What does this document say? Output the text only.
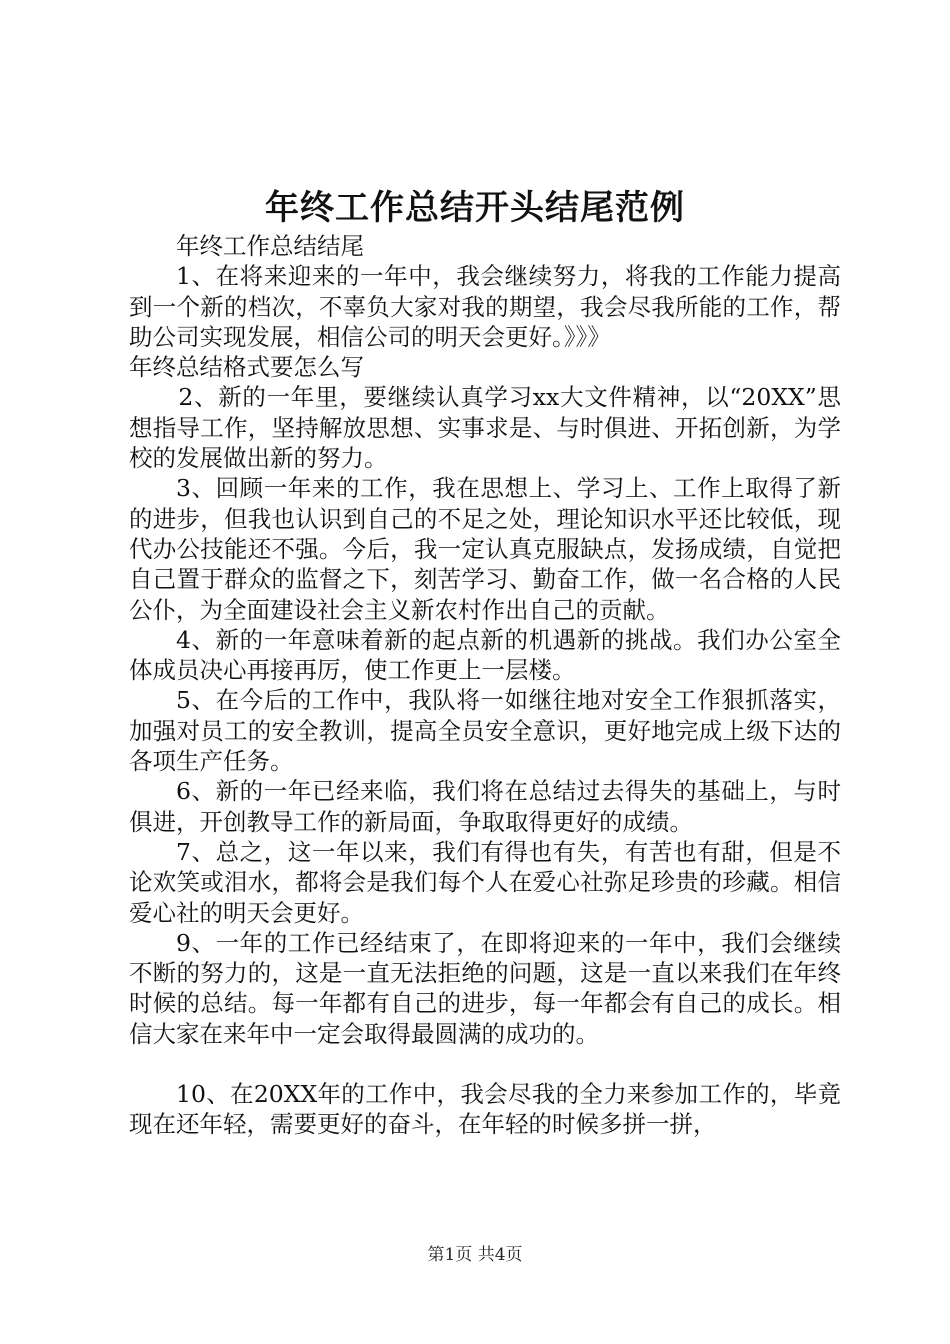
年终工作总结开头结尾范例

年终工作总结结尾

1、在将来迎来的一年中，我会继续努力，将我的工作能力提高到一个新的档次，不辜负大家对我的期望，我会尽我所能的工作，帮助公司实现发展，相信公司的明天会更好。》》》

年终总结格式要怎么写

2、新的一年里，要继续认真学习xx大文件精神，以“20XX”思想指导工作，坚持解放思想、实事求是、与时俱进、开拓创新，为学校的发展做出新的努力。

3、回顾一年来的工作，我在思想上、学习上、工作上取得了新的进步，但我也认识到自己的不足之处，理论知识水平还比较低，现代办公技能还不强。今后，我一定认真克服缺点，发扬成绩，自觉把自己置于群众的监督之下，刻苦学习、勤奋工作，做一名合格的人民公仆，为全面建设社会主义新农村作出自己的贡献。

4、新的一年意味着新的起点新的机遇新的挑战。我们办公室全体成员决心再接再厉，使工作更上一层楼。

5、在今后的工作中，我队将一如继往地对安全工作狠抓落实，加强对员工的安全教训，提高全员安全意识，更好地完成上级下达的各项生产任务。

6、新的一年已经来临，我们将在总结过去得失的基础上，与时俱进，开创教导工作的新局面，争取取得更好的成绩。

7、总之，这一年以来，我们有得也有失，有苦也有甜，但是不论欢笑或泪水，都将会是我们每个人在爱心社弥足珍贵的珍藏。相信爱心社的明天会更好。

9、一年的工作已经结束了，在即将迎来的一年中，我们会继续不断的努力的，这是一直无法拒绝的问题，这是一直以来我们在年终时候的总结。每一年都有自己的进步，每一年都会有自己的成长。相信大家在来年中一定会取得最圆满的成功的。

10、在20XX年的工作中，我会尽我的全力来参加工作的，毕竟现在还年轻，需要更好的奋斗，在年轻的时候多拼一拼，

第1页 共4页
